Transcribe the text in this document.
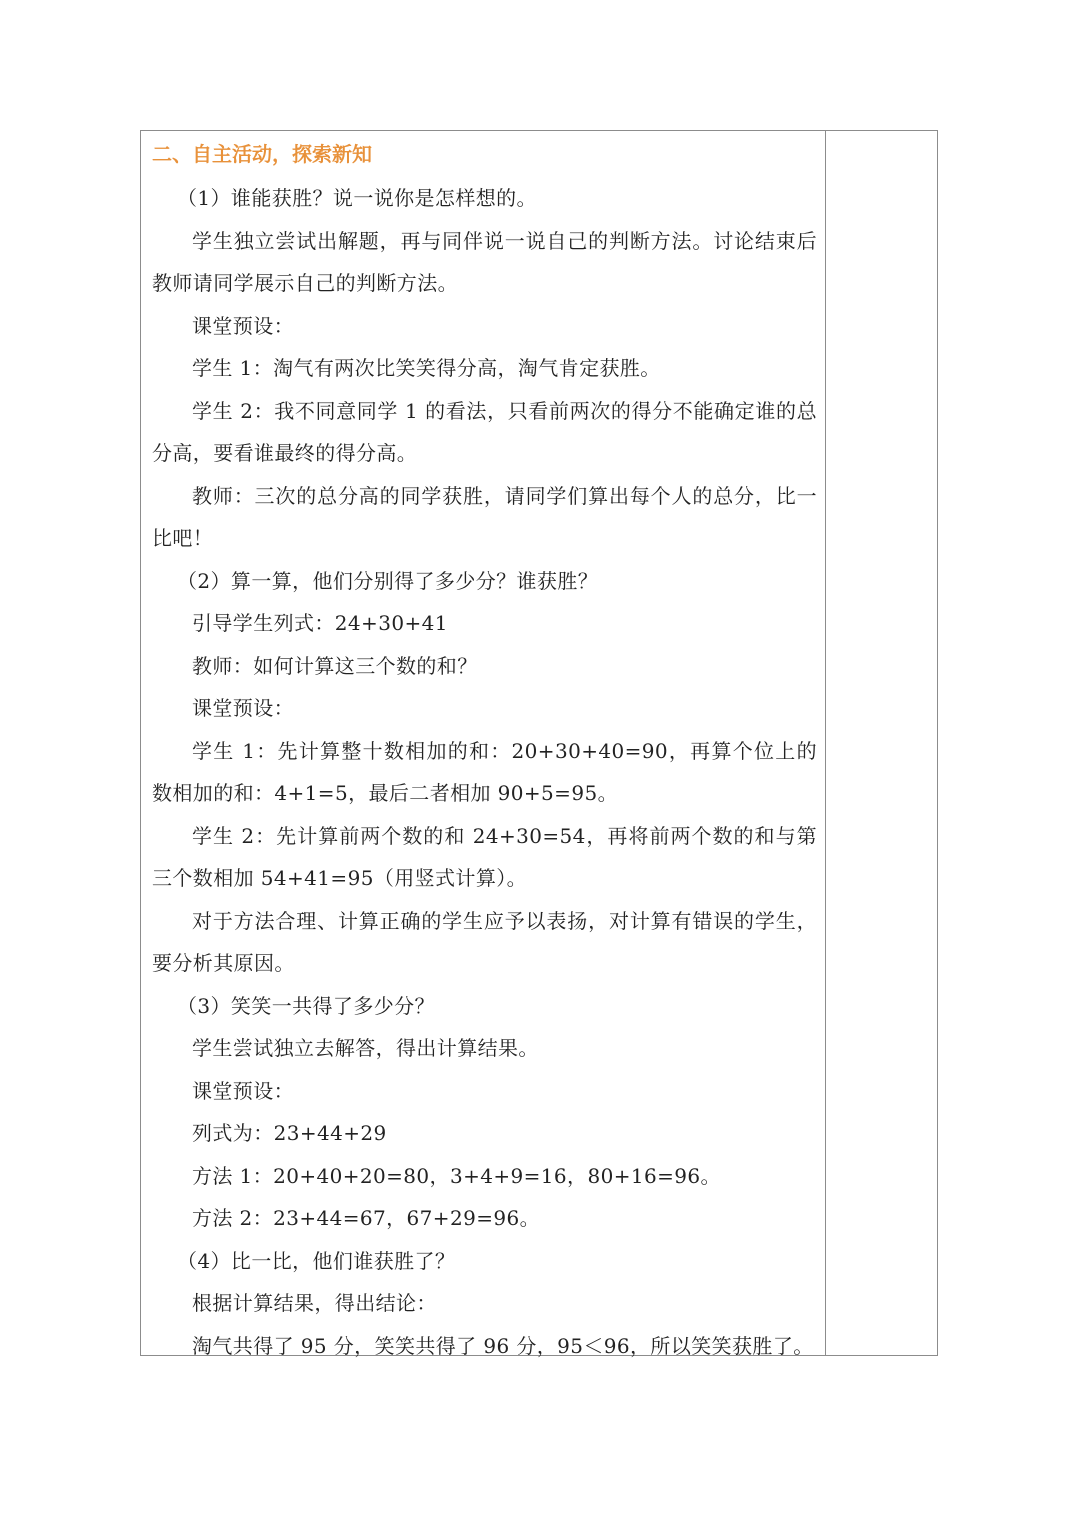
二、自主活动，探索新知

（1）谁能获胜？说一说你是怎样想的。

学生独立尝试出解题，再与同伴说一说自己的判断方法。讨论结束后教师请同学展示自己的判断方法。

课堂预设：

学生 1：淘气有两次比笑笑得分高，淘气肯定获胜。

学生 2：我不同意同学 1 的看法，只看前两次的得分不能确定谁的总分高，要看谁最终的得分高。

教师：三次的总分高的同学获胜，请同学们算出每个人的总分，比一比吧！

（2）算一算，他们分别得了多少分？谁获胜？

引导学生列式：24+30+41

教师：如何计算这三个数的和？

课堂预设：

学生 1：先计算整十数相加的和：20+30+40=90，再算个位上的数相加的和：4+1=5，最后二者相加 90+5=95。

学生 2：先计算前两个数的和 24+30=54，再将前两个数的和与第三个数相加 54+41=95（用竖式计算）。

对于方法合理、计算正确的学生应予以表扬，对计算有错误的学生，要分析其原因。

（3）笑笑一共得了多少分？

学生尝试独立去解答，得出计算结果。

课堂预设：

列式为：23+44+29

方法 1：20+40+20=80，3+4+9=16，80+16=96。

方法 2：23+44=67，67+29=96。

（4）比一比，他们谁获胜了？

根据计算结果，得出结论：

淘气共得了 95 分，笑笑共得了 96 分，95＜96，所以笑笑获胜了。
